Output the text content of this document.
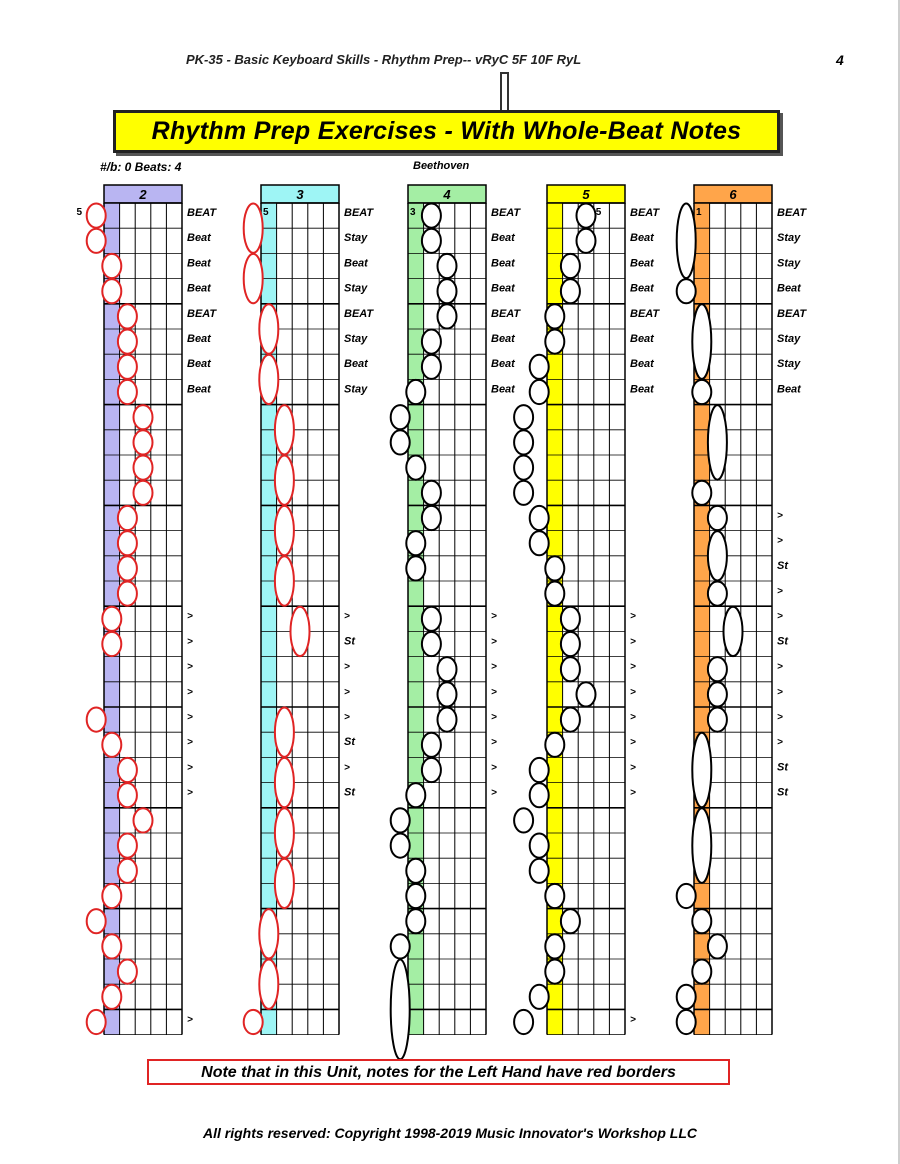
PK-35 - Basic Keyboard Skills - Rhythm Prep-- vRyC 5F 10F RyL	4
Rhythm Prep Exercises - With Whole-Beat Notes
#/b: 0 Beats: 4	Beethoven
2
5	BEAT
Beat
Beat
Beat
BEAT
Beat
Beat
Beat
>
>
>
>
>
>
>
>
>
3
5	BEAT
Stay
Beat
Stay
BEAT
Stay
Beat
Stay
>
St
>
>
>
St
>
St
4
3	BEAT
Beat
Beat
Beat
BEAT
Beat
Beat
Beat
>
>
>
>
>
>
>
>
5
5	BEAT
Beat
Beat
Beat
BEAT
Beat
Beat
Beat
>
>
>
>
>
>
>
>
>
6
1	BEAT
Stay
Stay
Beat
BEAT
Stay
Stay
Beat
>
>
St
>
>
St
>
>
>
>
St
St
Note that in this Unit, notes for the Left Hand have red borders
All rights reserved: Copyright 1998-2019 Music Innovator's Workshop LLC
